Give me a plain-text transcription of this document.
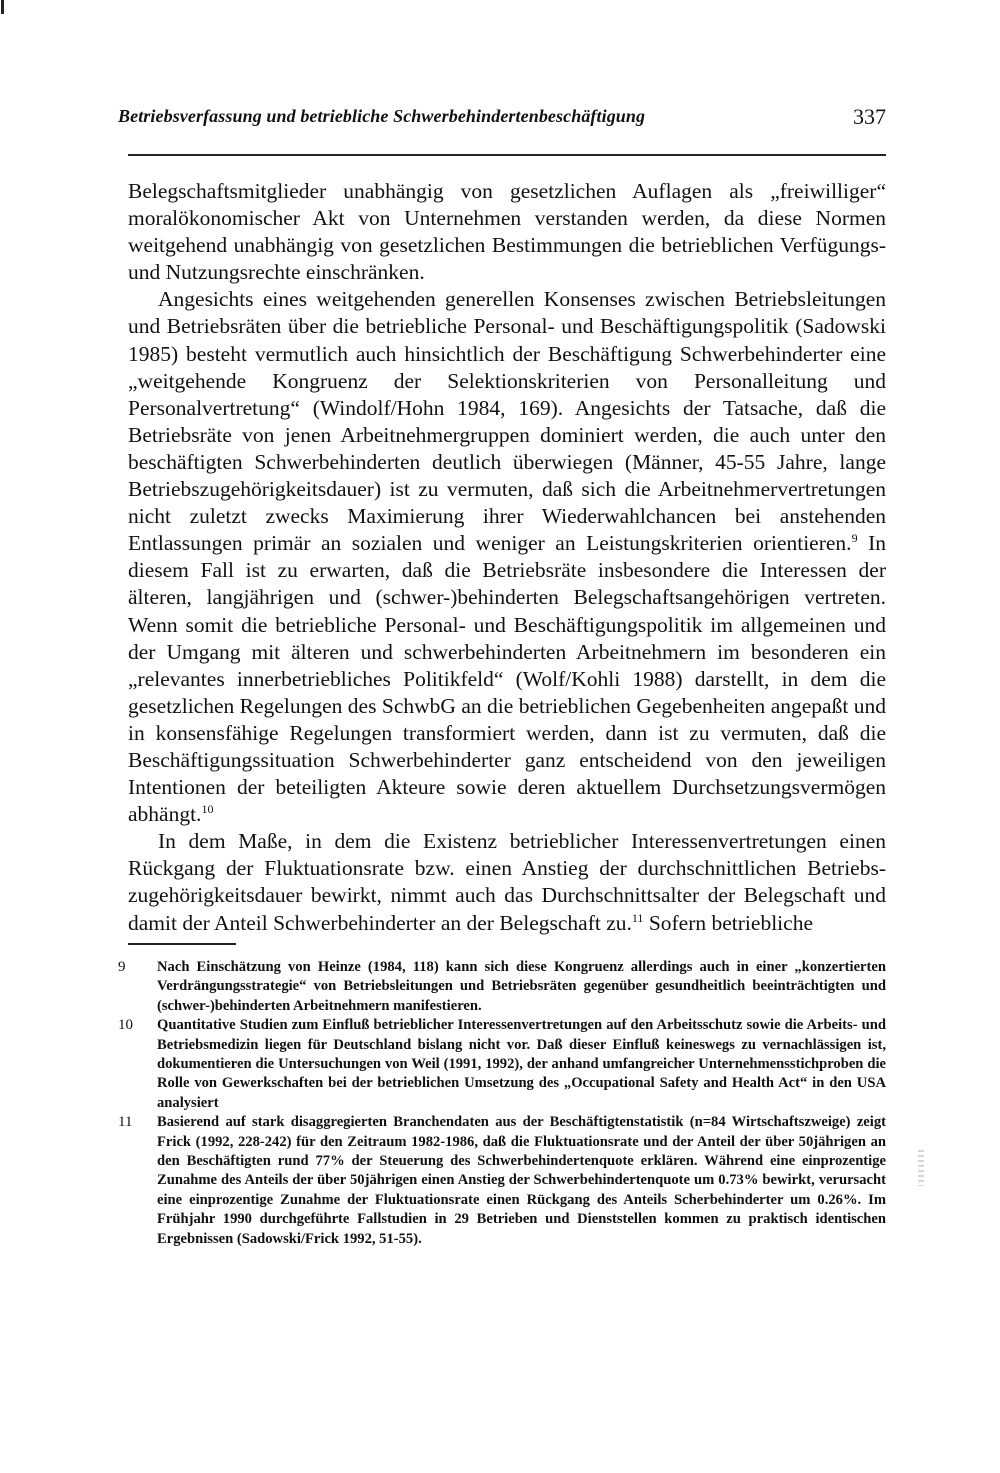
Betriebsverfassung und betriebliche Schwerbehindertenbeschäftigung	337

Belegschaftsmitglieder unabhängig von gesetzlichen Auflagen als „freiwilliger“ moralökonomischer Akt von Unternehmen verstanden werden, da diese Normen weitgehend unabhängig von gesetzlichen Bestimmungen die betrieblichen Verfügungs- und Nutzungsrechte einschränken.

Angesichts eines weitgehenden generellen Konsenses zwischen Betriebsleitungen und Betriebsräten über die betriebliche Personal- und Beschäftigungspolitik (Sadowski 1985) besteht vermutlich auch hinsichtlich der Beschäftigung Schwerbehinderter eine „weitgehende Kongruenz der Selektionskriterien von Personalleitung und Personalvertretung“ (Windolf/Hohn 1984, 169). Angesichts der Tatsache, daß die Betriebsräte von jenen Arbeitnehmergruppen dominiert werden, die auch unter den beschäftigten Schwerbehinderten deutlich überwiegen (Männer, 45-55 Jahre, lange Betriebszugehörigkeitsdauer) ist zu vermuten, daß sich die Arbeitnehmervertretungen nicht zuletzt zwecks Maximierung ihrer Wiederwahlchancen bei anstehenden Entlassungen primär an sozialen und weniger an Leistungskriterien orientieren.$^9$ In diesem Fall ist zu erwarten, daß die Betriebsräte insbesondere die Interessen der älteren, langjährigen und (schwer-)behinderten Belegschaftsangehörigen vertreten. Wenn somit die betriebliche Personal- und Beschäftigungspolitik im allgemeinen und der Umgang mit älteren und schwerbehinderten Arbeitnehmern im besonderen ein „relevantes innerbetriebliches Politikfeld“ (Wolf/Kohli 1988) darstellt, in dem die gesetzlichen Regelungen des SchwbG an die betrieblichen Gegebenheiten angepaßt und in konsensfähige Regelungen transformiert werden, dann ist zu vermuten, daß die Beschäftigungssituation Schwerbehinderter ganz entscheidend von den jeweiligen Intentionen der beteiligten Akteure sowie deren aktuellem Durchsetzungsvermögen abhängt.$^{10}$

In dem Maße, in dem die Existenz betrieblicher Interessenvertretungen einen Rückgang der Fluktuationsrate bzw. einen Anstieg der durchschnittlichen Betriebszugehörigkeitsdauer bewirkt, nimmt auch das Durchschnittsalter der Belegschaft und damit der Anteil Schwerbehinderter an der Belegschaft zu.$^{11}$ Sofern betriebliche

9	Nach Einschätzung von Heinze (1984, 118) kann sich diese Kongruenz allerdings auch in einer „konzertierten Verdrängungsstrategie“ von Betriebsleitungen und Betriebsräten gegenüber gesundheitlich beeinträchtigten und (schwer-)behinderten Arbeitnehmern manifestieren.
10	Quantitative Studien zum Einfluß betrieblicher Interessenvertretungen auf den Arbeitsschutz sowie die Arbeits- und Betriebsmedizin liegen für Deutschland bislang nicht vor. Daß dieser Einfluß keineswegs zu vernachlässigen ist, dokumentieren die Untersuchungen von Weil (1991, 1992), der anhand umfangreicher Unternehmensstichproben die Rolle von Gewerkschaften bei der betrieblichen Umsetzung des „Occupational Safety and Health Act“ in den USA analysiert
11	Basierend auf stark disaggregierten Branchendaten aus der Beschäftigtenstatistik (n=84 Wirtschaftszweige) zeigt Frick (1992, 228-242) für den Zeitraum 1982-1986, daß die Fluktuationsrate und der Anteil der über 50jährigen an den Beschäftigten rund 77% der Steuerung des Schwerbehindertenquote erklären. Während eine einprozentige Zunahme des Anteils der über 50jährigen einen Anstieg der Schwerbehindertenquote um 0.73% bewirkt, verursacht eine einprozentige Zunahme der Fluktuationsrate einen Rückgang des Anteils Scherbehinderter um 0.26%. Im Frühjahr 1990 durchgeführte Fallstudien in 29 Betrieben und Dienststellen kommen zu praktisch identischen Ergebnissen (Sadowski/Frick 1992, 51-55).
